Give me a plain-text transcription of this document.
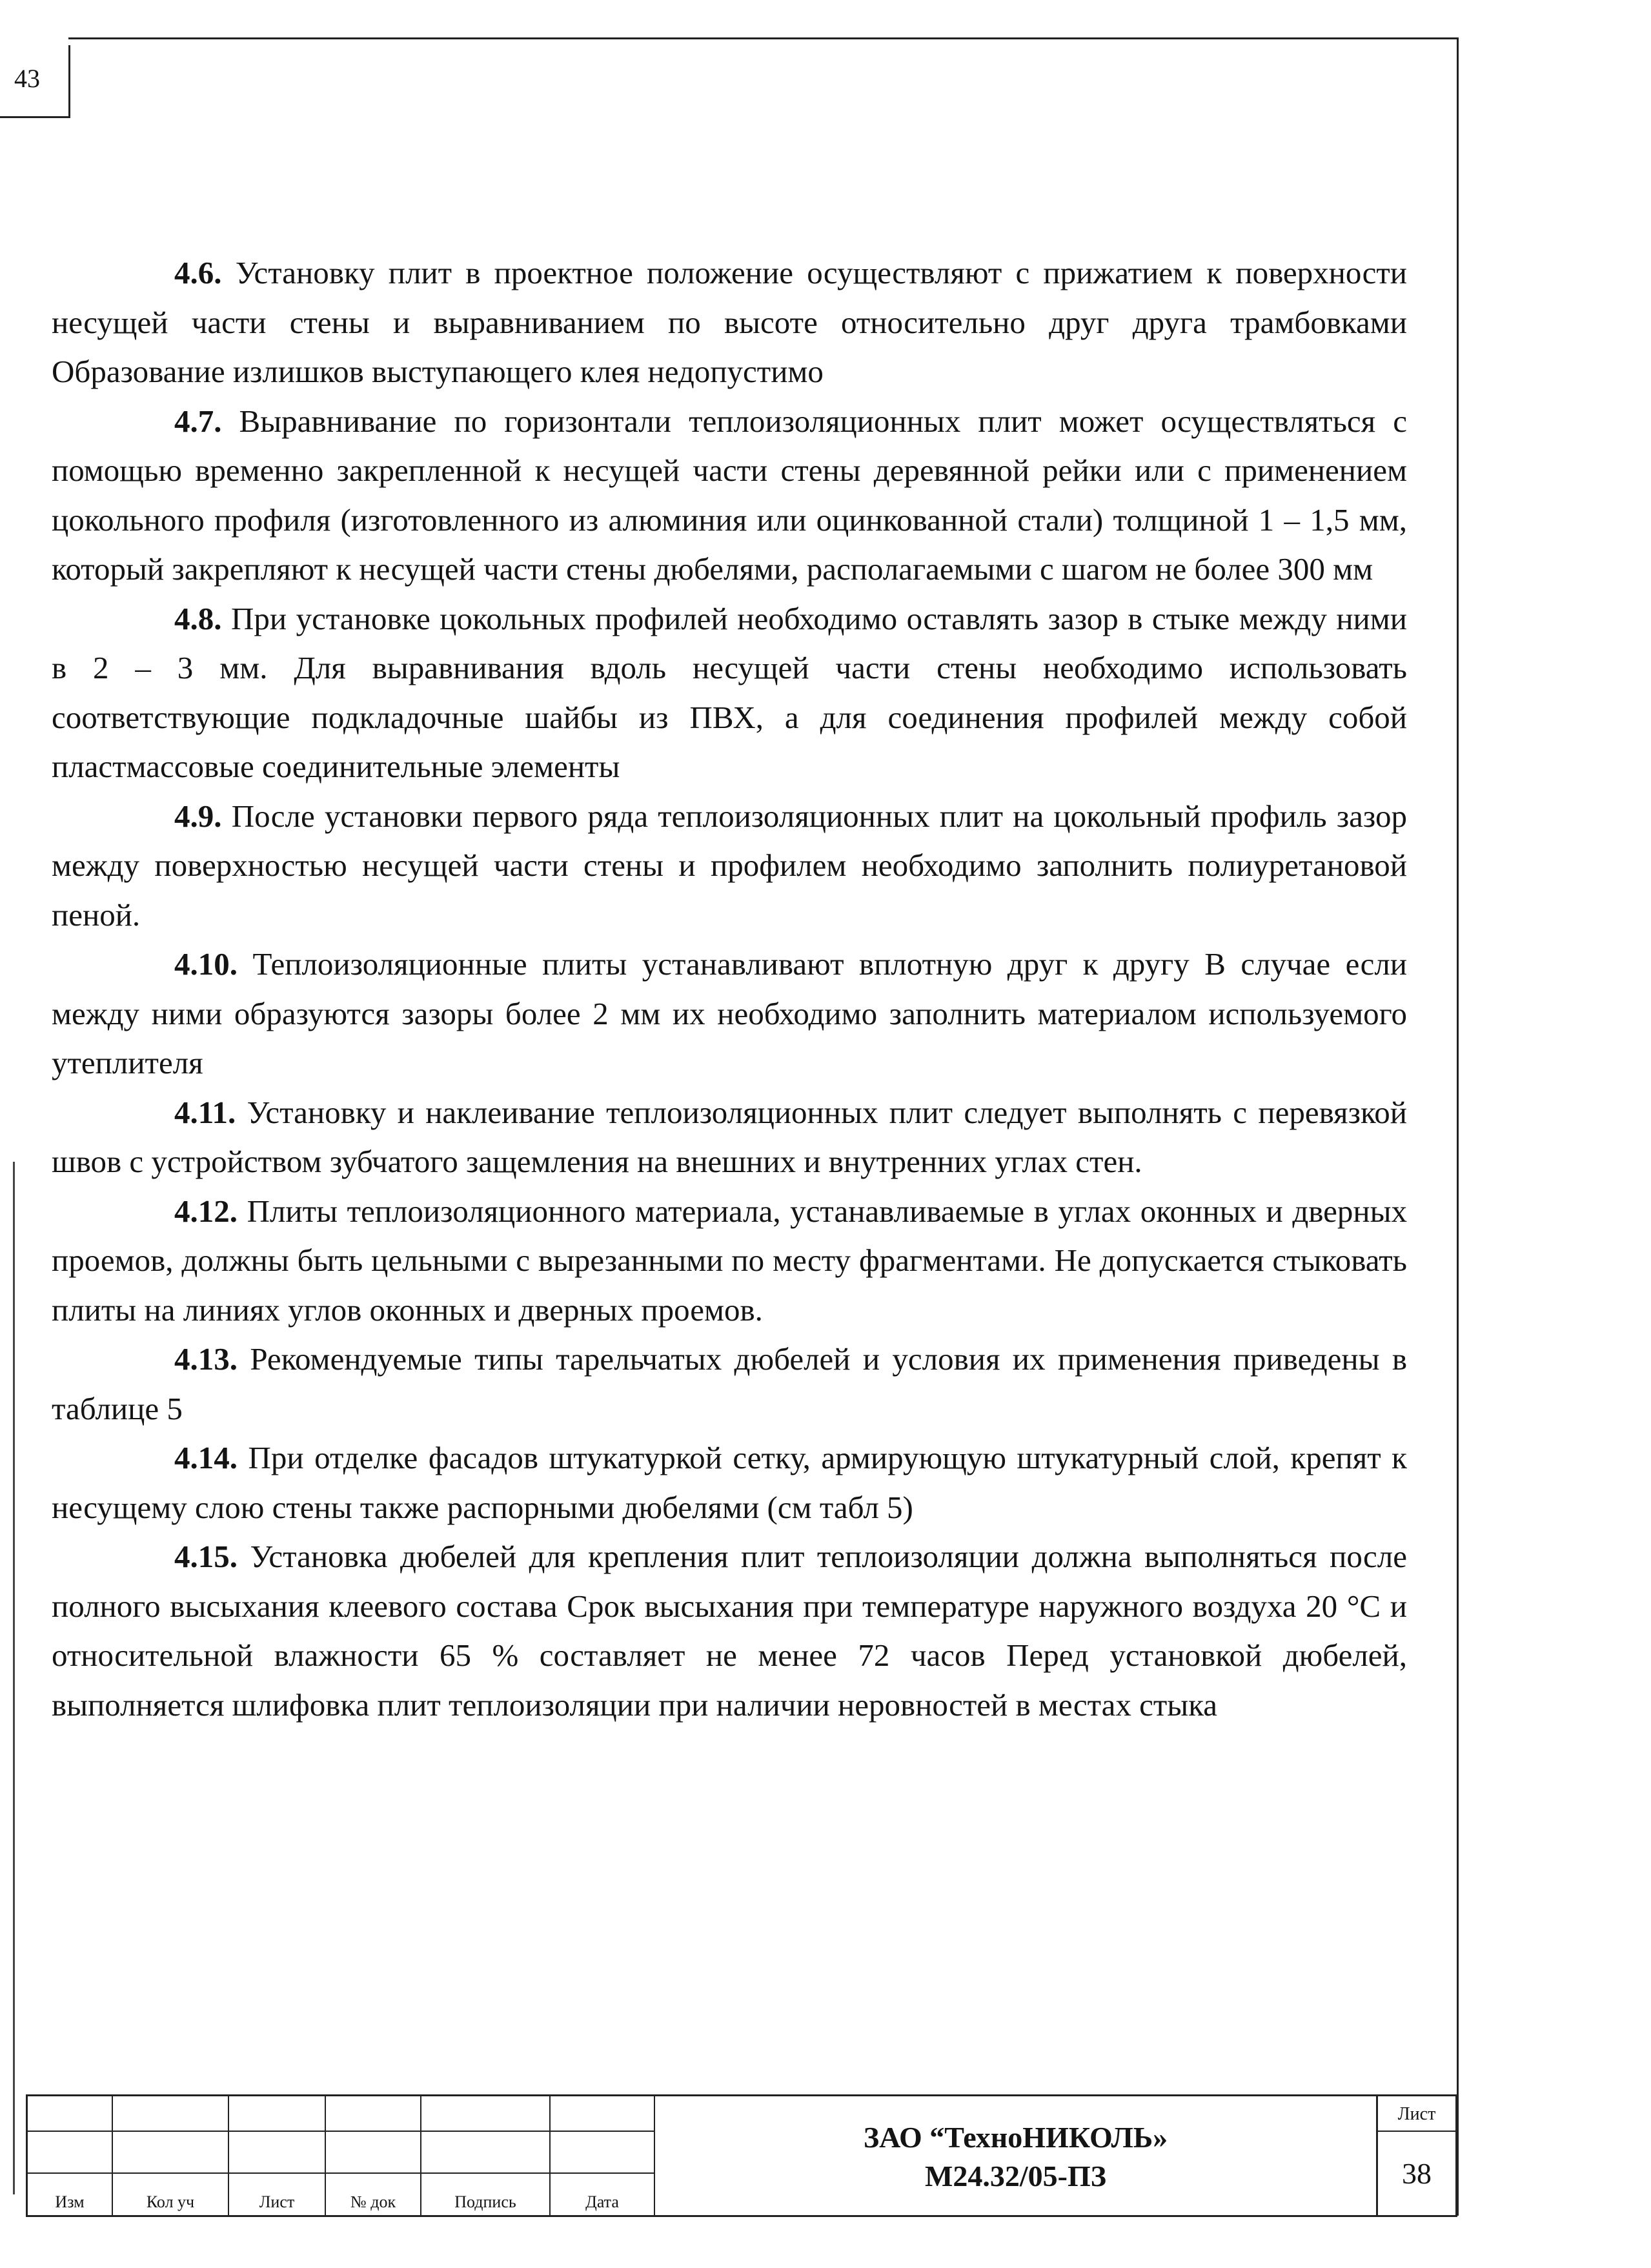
43

4.6. Установку плит в проектное положение осуществляют с прижатием к поверхности несущей части стены и выравниванием по высоте относительно друг друга трамбовками Образование излишков выступающего клея недопустимо

4.7. Выравнивание по горизонтали теплоизоляционных плит может осуществляться с помощью временно закрепленной к несущей части стены деревянной рейки или с применением цокольного профиля (изготовленного из алюминия или оцинкованной стали) толщиной 1 – 1,5 мм, который закрепляют к несущей части стены дюбелями, располагаемыми с шагом не более 300 мм

4.8. При установке цокольных профилей необходимо оставлять зазор в стыке между ними в 2 – 3 мм. Для выравнивания вдоль несущей части стены необходимо использовать соответствующие подкладочные шайбы из ПВХ, а для соединения профилей между собой пластмассовые соединительные элементы

4.9. После установки первого ряда теплоизоляционных плит на цокольный профиль зазор между поверхностью несущей части стены и профилем необходимо заполнить полиуретановой пеной.

4.10. Теплоизоляционные плиты устанавливают вплотную друг к другу В случае если между ними образуются зазоры более 2 мм их необходимо заполнить материалом используемого утеплителя

4.11. Установку и наклеивание теплоизоляционных плит следует выполнять с перевязкой швов с устройством зубчатого защемления на внешних и внутренних углах стен.

4.12. Плиты теплоизоляционного материала, устанавливаемые в углах оконных и дверных проемов, должны быть цельными с вырезанными по месту фрагментами. Не допускается стыковать плиты на линиях углов оконных и дверных проемов.

4.13. Рекомендуемые типы тарельчатых дюбелей и условия их применения приведены в таблице 5

4.14. При отделке фасадов штукатуркой сетку, армирующую штукатурный слой, крепят к несущему слою стены также распорными дюбелями (см табл 5)

4.15. Установка дюбелей для крепления плит теплоизоляции должна выполняться после полного высыхания клеевого состава Срок высыхания при температуре наружного воздуха 20 °С и относительной влажности 65 % составляет не менее 72 часов Перед установкой дюбелей, выполняется шлифовка плит теплоизоляции при наличии неровностей в местах стыка

Изм	Кол уч	Лист	№ док	Подпись	Дата
ЗАО “ТехноНИКОЛЬ»
М24.32/05-ПЗ
Лист
38
